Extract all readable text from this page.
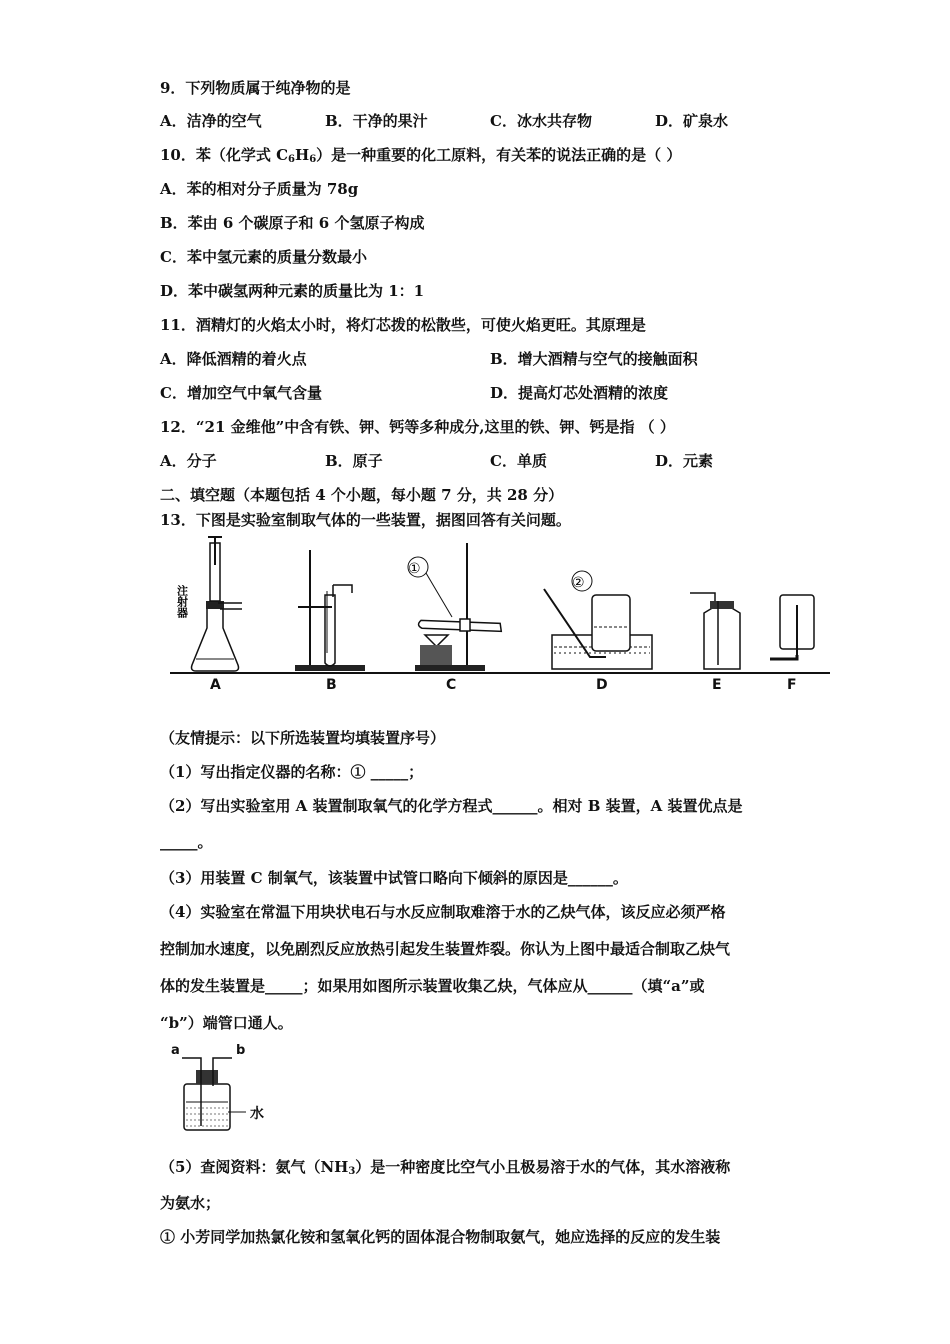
9．下列物质属于纯净物的是
A．洁净的空气	B．干净的果汁	C．冰水共存物	D．矿泉水
10．苯（化学式 $C_6H_6$）是一种重要的化工原料，有关苯的说法正确的是（ ）
A．苯的相对分子质量为 78g
B．苯由 6 个碳原子和 6 个氢原子构成
C．苯中氢元素的质量分数最小
D．苯中碳氢两种元素的质量比为 1：1
11．酒精灯的火焰太小时，将灯芯拨的松散些，可使火焰更旺。其原理是
A．降低酒精的着火点	B．增大酒精与空气的接触面积
C．增加空气中氧气含量	D．提高灯芯处酒精的浓度
12．“21 金维他”中含有铁、钾、钙等多种成分,这里的铁、钾、钙是指 （ ）
A．分子	B．原子	C．单质	D．元素
二、填空题（本题包括 4 个小题，每小题 7 分，共 28 分）
13．下图是实验室制取气体的一些装置，据图回答有关问题。
注射器
①
②
A	B	C	D	E	F
（友情提示：以下所选装置均填装置序号）
（1）写出指定仪器的名称：① _____；
（2）写出实验室用 A 装置制取氧气的化学方程式______。相对 B 装置，A 装置优点是
_____。
（3）用装置 C 制氧气，该装置中试管口略向下倾斜的原因是______。
（4）实验室在常温下用块状电石与水反应制取难溶于水的乙炔气体，该反应必须严格
控制加水速度，以免剧烈反应放热引起发生装置炸裂。你认为上图中最适合制取乙炔气
体的发生装置是_____；如果用如图所示装置收集乙炔，气体应从______（填“a”或
“b”）端管口通人。
a	b
水
（5）查阅资料：氨气$(NH_3)$是一种密度比空气小且极易溶于水的气体，其水溶液称
为氨水；
① 小芳同学加热氯化铵和氢氧化钙的固体混合物制取氨气，她应选择的反应的发生装
